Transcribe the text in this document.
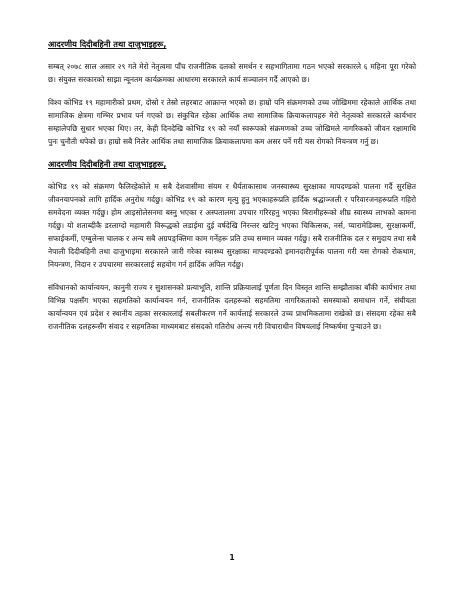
आदरणीय दिदीबहिनी तथा दाजुभाइहरू,

सम्बत् २०७८ साल असार २९ गते मेरो नेतृत्वमा पाँच राजनीतिक दलको समर्थन र सहभागितामा गठन भएको सरकारले ६ महिना पूरा गरेको छ। संयुक्त सरकारको साझा न्यूनतम कार्यक्रमका आधारमा सरकारले कार्य सञ्चालन गर्दै आएको छ।

विश्व कोभिड १९ महामारीको प्रथम, दोस्रो र तेस्रो लहरबाट आक्रान्त भएको छ। हाम्रो पनि संक्रमणको उच्च जोखिममा रहेकाले आर्थिक तथा सामाजिक क्षेत्रमा गम्भिर प्रभाव पर्न गएको छ। संकुचित रहेका आर्थिक तथा सामाजिक क्रियाकलापहरु मेरो नेतृत्वको सरकारले कार्यभार सम्हालेपछि सुधार भएका थिए। तर, केही दिनदेखि कोभिड १९ को नयाँ स्वरूपको संक्रमणको उच्च जोखिमले नागरिकको जीवन रक्षामाथि पुनः चुनौती थपेको छ। हाम्रो सबै निलेर आर्थिक तथा सामाजिक क्रियाकलापमा कम असर पर्ने गरी यस रोगको नियन्त्रण गर्नु छ।

आदरणीय दिदीबहिनी तथा दाजुभाइहरू,

कोभिड १९ को संक्रमण फैलिरहेकोले म सबै देशवासीमा संयम र धैर्यताकासाथ जनस्वास्थ्य सुरक्षाका मापदण्डको पालना गर्दै सुरक्षित जीवनयापनको लागि हार्दिक अनुरोध गर्दछु। कोभिड १९ को कारण मृत्यु हुनु भएकाहरूप्रति हार्दिक श्रद्धाञ्जली र परिवारजनहरूप्रति गहिरो समवेदना व्यक्त गर्दछु। होम आइसोलेसनमा बस्नु भएका र अस्पतालमा उपचार गरिरहनु भएका बिरामीहरूको शीघ्र स्वास्थ्य लाभको कामना गर्दछु। यो शताब्दीकै डरलाग्दो महामारी विरूद्धको लडाईमा दुई वर्षदेखि निरन्तर खटिनु भएका चिकित्सक, नर्स, प्यारामेडिक्स, सुरक्षाकर्मी, सफाईकर्मी, एम्बुलेन्स चालक र अन्य सबै अग्रपङ्क्तिमा काम गर्नेहरू प्रति उच्च सम्मान व्यक्त गर्दछु। सबै राजनीतिक दल र समुदाय तथा सबै नेपाली दिदीबहिनी तथा दाजुभाइमा सरकारले जारी गरेका स्वास्थ्य सुरक्षाका मापदण्डको इमानदारीपूर्वक पालना गरी यस रोगको रोकथाम, नियन्त्रण, निदान र उपचारमा सरकारलाई सहयोग गर्न हार्दिक अपिल गर्दछु।

संविधानको कार्यान्वयन, कानुनी राज्य र सुशासनको प्रत्याभूति, शान्ति प्रक्रियालाई पूर्णता दिन विस्तृत शान्ति सम्झौताका बाँकी कार्यभार तथा विभिन्न पक्षसँग भएका सहमतिको कार्यान्वयन गर्न, राजनीतिक दलहरूको सहमतिमा नागरिकताको समस्याको समाधान गर्ने, संघीयता कार्यान्वयन एवं प्रदेश र स्थानीय तहका सरकारलाई सबलीकरण गर्ने कार्यलाई सरकारले उच्च प्राथमिकतामा राखेको छ। संसदमा रहेका सबै राजनीतिक दलहरूसँग संवाद र सहमतिका माध्यमबाट संसदको गतिरोध अन्त्य गरी विचाराधीन विषयलाई निष्कर्षमा पुऱ्याउने छ।

1
